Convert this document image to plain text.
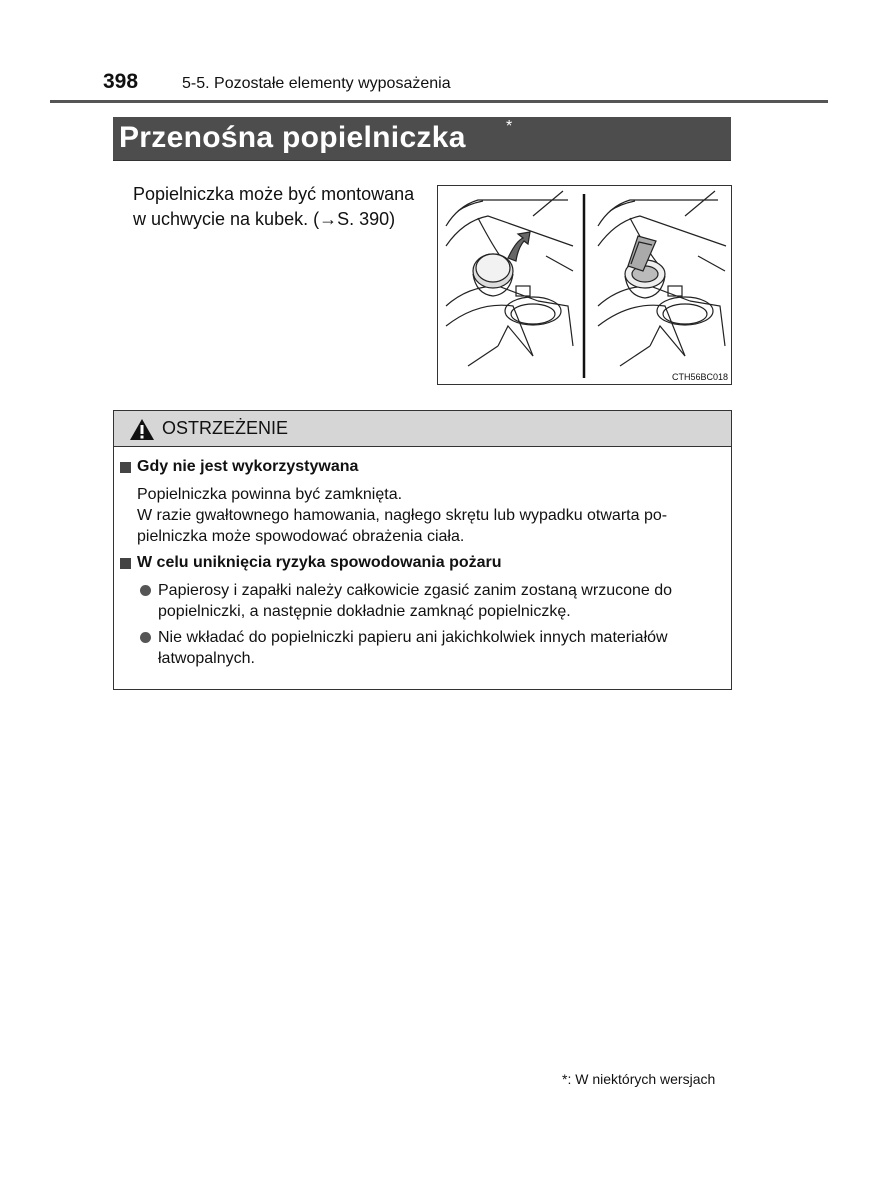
398	5-5. Pozostałe elementy wyposażenia
Przenośna popielniczka	*
Popielniczka może być montowana
w uchwycie na kubek. (→S. 390)
CTH56BC018
OSTRZEŻENIE
Gdy nie jest wykorzystywana
Popielniczka powinna być zamknięta.
W razie gwałtownego hamowania, nagłego skrętu lub wypadku otwarta po-
pielniczka może spowodować obrażenia ciała.
W celu uniknięcia ryzyka spowodowania pożaru
Papierosy i zapałki należy całkowicie zgasić zanim zostaną wrzucone do
popielniczki, a następnie dokładnie zamknąć popielniczkę.
Nie wkładać do popielniczki papieru ani jakichkolwiek innych materiałów
łatwopalnych.
*: W niektórych wersjach
